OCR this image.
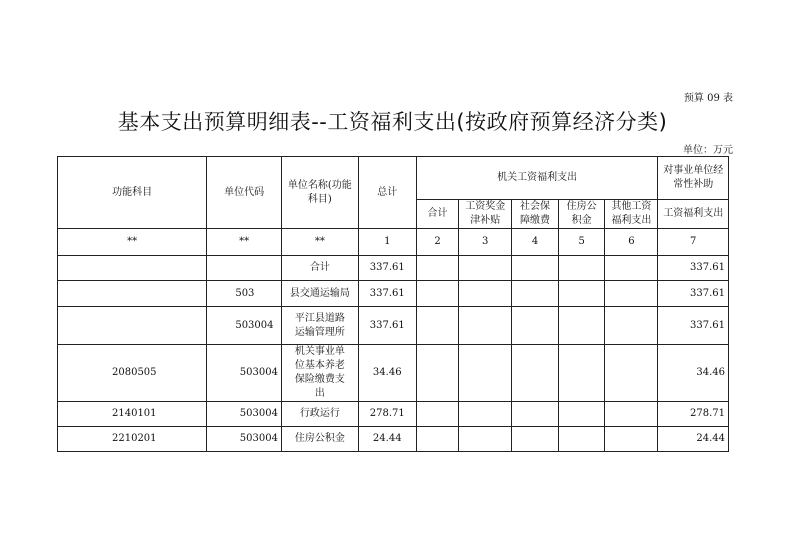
预算 09 表
基本支出预算明细表--工资福利支出(按政府预算经济分类)
单位：万元
功能科目	单位代码	单位名称(功能科目)	总计	机关工资福利支出					对事业单位经常性补助
				合计	工资奖金津补贴	社会保障缴费	住房公积金	其他工资福利支出	工资福利支出
**	**	**	1	2	3	4	5	6	7
		合计	337.61						337.61
	503	县交通运输局	337.61						337.61
	503004	平江县道路运输管理所	337.61						337.61
2080505	503004	机关事业单位基本养老保险缴费支出	34.46						34.46
2140101	503004	行政运行	278.71						278.71
2210201	503004	住房公积金	24.44						24.44
